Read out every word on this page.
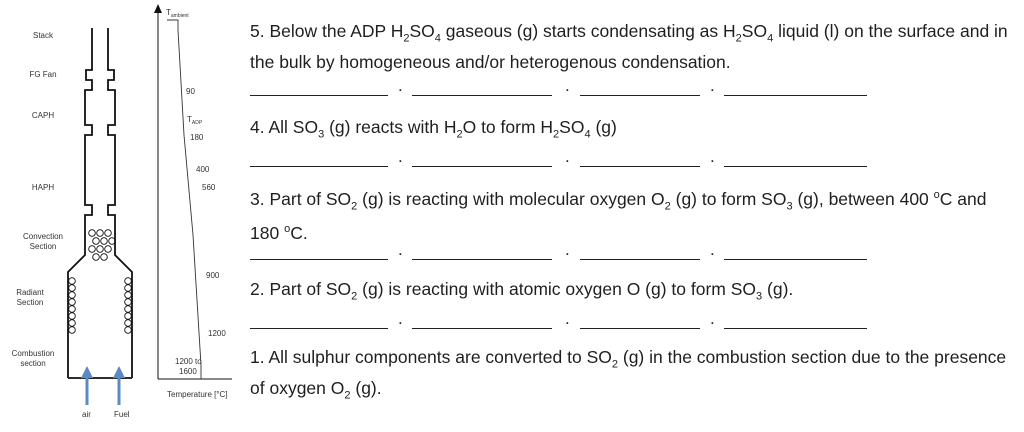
air	Fuel
Stack
FG Fan
CAPH
HAPH
Convection
Section
Radiant
Section
Combustion
section
$T_{ambient}$
$T_{ADP}$
90
180
400
560
900
1200
1200 to
1600
Temperature [°C]
5. Below the ADP $H_2SO_4$ gaseous (g) starts condensating as $H_2SO_4$ liquid (l) on the surface and in the bulk by homogeneous and/or heterogenous condensation.
.	.	.
4. All $SO_3$ (g) reacts with $H_2O$ to form $H_2SO_4$ (g)
.	.	.
3. Part of $SO_2$ (g) is reacting with molecular oxygen $O_2$ (g) to form $SO_3$ (g), between 400 $^o$C and 180 $^o$C.
.	.	.
2. Part of $SO_2$ (g) is reacting with atomic oxygen O (g) to form $SO_3$ (g).
.	.	.
1. All sulphur components are converted to $SO_2$ (g) in the combustion section due to the presence of oxygen $O_2$ (g).
